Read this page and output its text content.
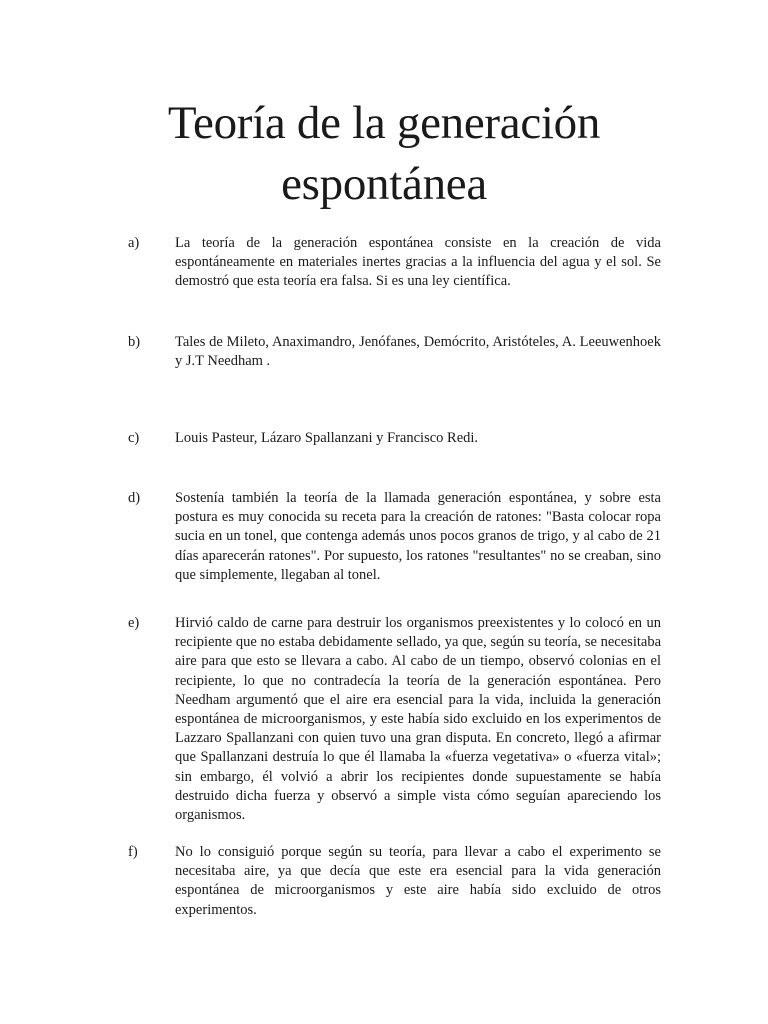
Teoría de la generación
espontánea
a) La teoría de la generación espontánea consiste en la creación de vida espontáneamente en materiales inertes gracias a la influencia del agua y el sol. Se demostró que esta teoría era falsa. Si es una ley científica.

b) Tales de Mileto, Anaximandro, Jenófanes, Demócrito, Aristóteles, A. Leeuwenhoek y J.T Needham .

c) Louis Pasteur, Lázaro Spallanzani y Francisco Redi.

d) Sostenía también la teoría de la llamada generación espontánea, y sobre esta postura es muy conocida su receta para la creación de ratones: "Basta colocar ropa sucia en un tonel, que contenga además unos pocos granos de trigo, y al cabo de 21 días aparecerán ratones". Por supuesto, los ratones "resultantes" no se creaban, sino que simplemente, llegaban al tonel.

e) Hirvió caldo de carne para destruir los organismos preexistentes y lo colocó en un recipiente que no estaba debidamente sellado, ya que, según su teoría, se necesitaba aire para que esto se llevara a cabo. Al cabo de un tiempo, observó colonias en el recipiente, lo que no contradecía la teoría de la generación espontánea. Pero Needham argumentó que el aire era esencial para la vida, incluida la generación espontánea de microorganismos, y este había sido excluido en los experimentos de Lazzaro Spallanzani con quien tuvo una gran disputa. En concreto, llegó a afirmar que Spallanzani destruía lo que él llamaba la «fuerza vegetativa» o «fuerza vital»; sin embargo, él volvió a abrir los recipientes donde supuestamente se había destruido dicha fuerza y observó a simple vista cómo seguían apareciendo los organismos.

f)	No lo consiguió porque según su teoría, para llevar a cabo el experimento se necesitaba aire, ya que decía que este era esencial para la vida generación espontánea de microorganismos y este aire había sido excluido de otros experimentos.
